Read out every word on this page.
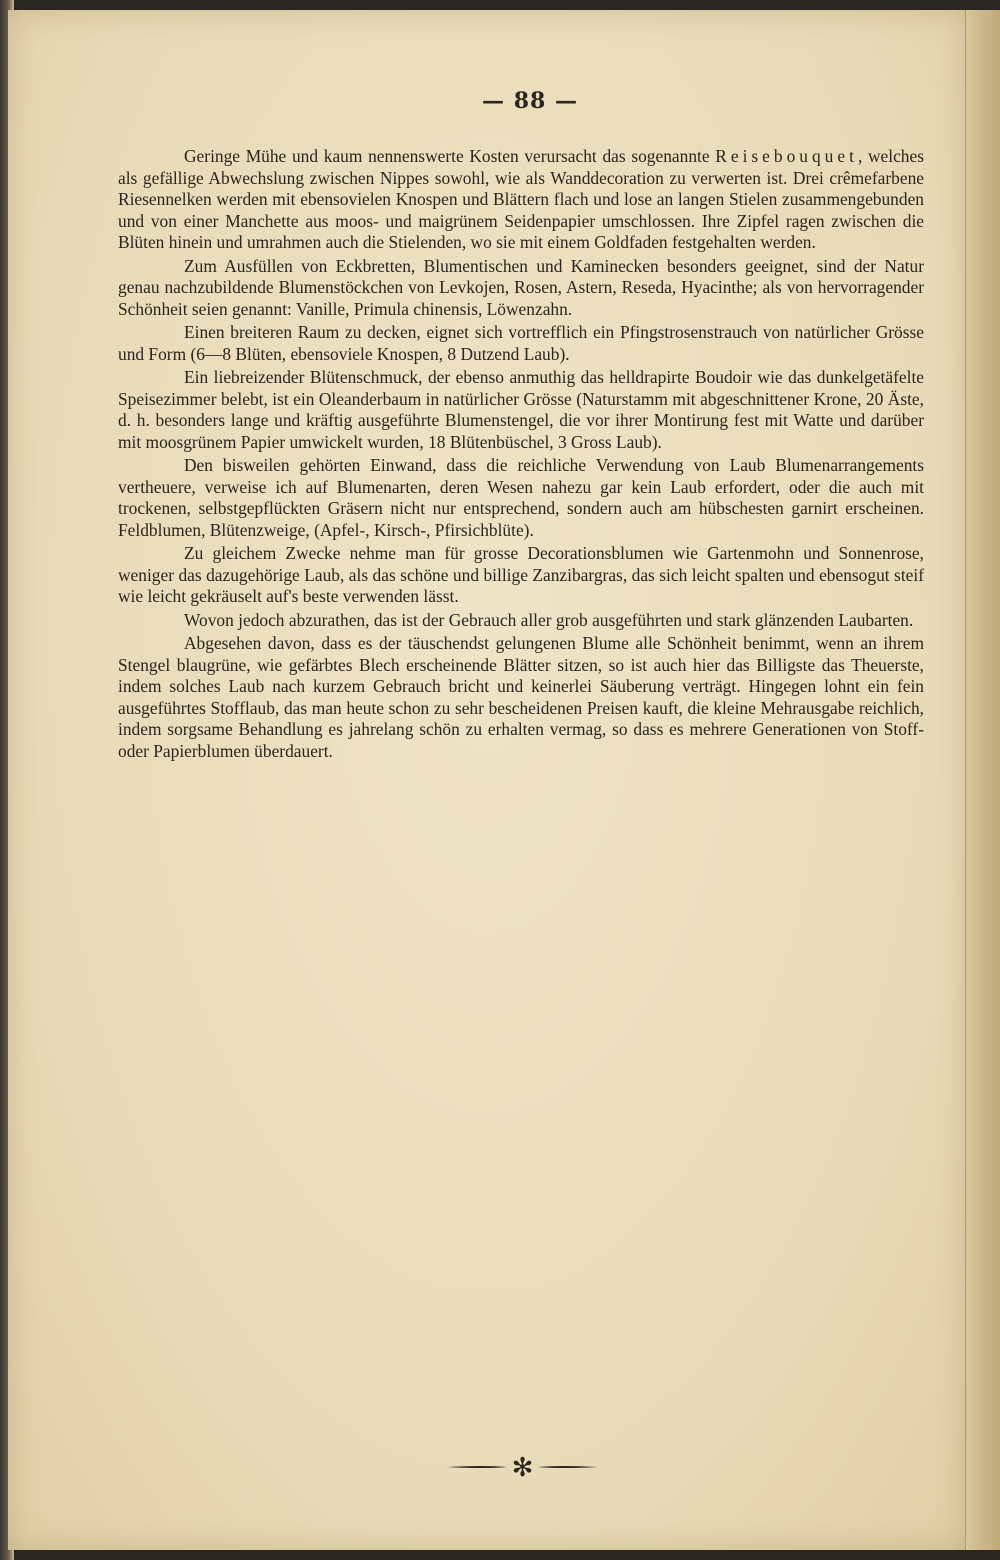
— 88 —

Geringe Mühe und kaum nennenswerte Kosten verursacht das sogenannte Reisebouquet, welches als gefällige Abwechslung zwischen Nippes sowohl, wie als Wanddecoration zu verwerten ist. Drei crêmefarbene Riesennelken werden mit ebensovielen Knospen und Blättern flach und lose an langen Stielen zusammengebunden und von einer Manchette aus moos- und maigrünem Seidenpapier umschlossen. Ihre Zipfel ragen zwischen die Blüten hinein und umrahmen auch die Stielenden, wo sie mit einem Goldfaden festgehalten werden.

Zum Ausfüllen von Eckbretten, Blumentischen und Kaminecken besonders geeignet, sind der Natur genau nachzubildende Blumenstöckchen von Levkojen, Rosen, Astern, Reseda, Hyacinthe; als von hervorragender Schönheit seien genannt: Vanille, Primula chinensis, Löwenzahn.

Einen breiteren Raum zu decken, eignet sich vortrefflich ein Pfingstrosenstrauch von natürlicher Grösse und Form (6—8 Blüten, ebensoviele Knospen, 8 Dutzend Laub).

Ein liebreizender Blütenschmuck, der ebenso anmuthig das helldrapirte Boudoir wie das dunkelgetäfelte Speisezimmer belebt, ist ein Oleanderbaum in natürlicher Grösse (Naturstamm mit abgeschnittener Krone, 20 Äste, d. h. besonders lange und kräftig ausgeführte Blumenstengel, die vor ihrer Montirung fest mit Watte und darüber mit moosgrünem Papier umwickelt wurden, 18 Blütenbüschel, 3 Gross Laub).

Den bisweilen gehörten Einwand, dass die reichliche Verwendung von Laub Blumenarrangements vertheuere, verweise ich auf Blumenarten, deren Wesen nahezu gar kein Laub erfordert, oder die auch mit trockenen, selbstgepflückten Gräsern nicht nur entsprechend, sondern auch am hübschesten garnirt erscheinen. Feldblumen, Blütenzweige, (Apfel-, Kirsch-, Pfirsichblüte).

Zu gleichem Zwecke nehme man für grosse Decorationsblumen wie Gartenmohn und Sonnenrose, weniger das dazugehörige Laub, als das schöne und billige Zanzibargras, das sich leicht spalten und ebensogut steif wie leicht gekräuselt auf's beste verwenden lässt.

Wovon jedoch abzurathen, das ist der Gebrauch aller grob ausgeführten und stark glänzenden Laubarten.

Abgesehen davon, dass es der täuschendst gelungenen Blume alle Schönheit benimmt, wenn an ihrem Stengel blaugrüne, wie gefärbtes Blech erscheinende Blätter sitzen, so ist auch hier das Billigste das Theuerste, indem solches Laub nach kurzem Gebrauch bricht und keinerlei Säuberung verträgt. Hingegen lohnt ein fein ausgeführtes Stofflaub, das man heute schon zu sehr bescheidenen Preisen kauft, die kleine Mehrausgabe reichlich, indem sorgsame Behandlung es jahrelang schön zu erhalten vermag, so dass es mehrere Generationen von Stoff- oder Papierblumen überdauert.

✻
